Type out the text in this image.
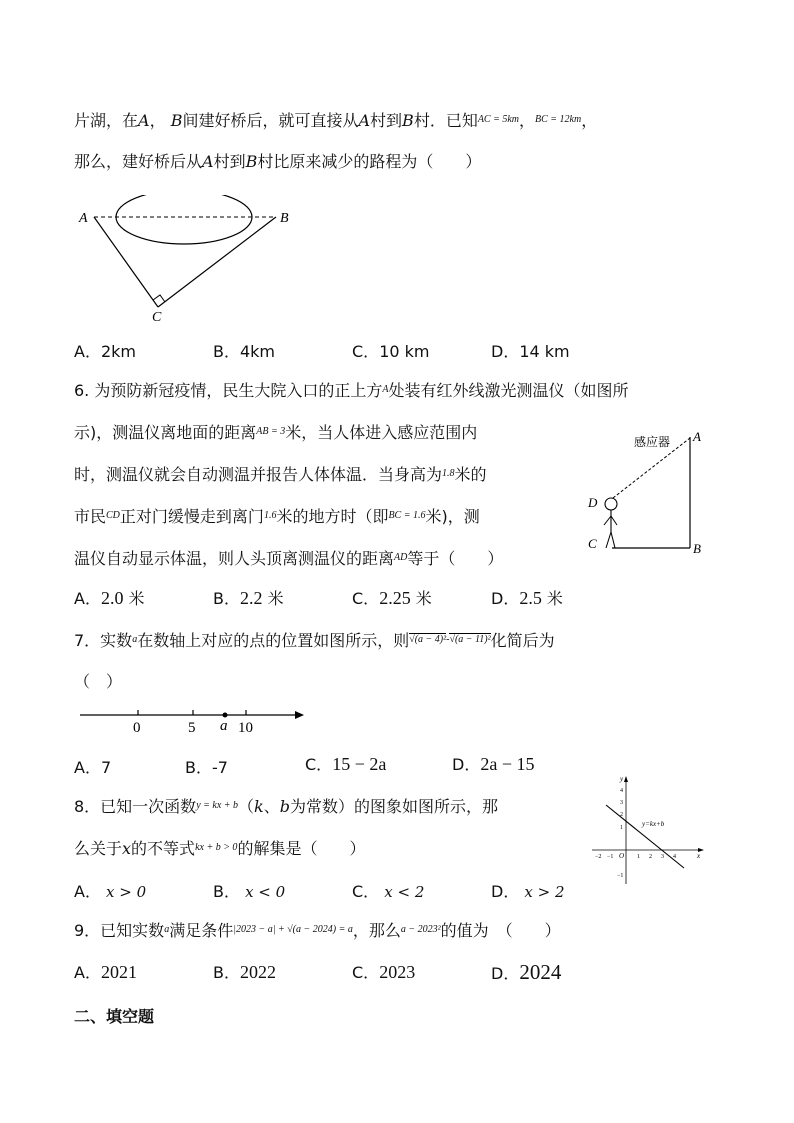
片湖，在A， B间建好桥后，就可直接从A村到B村．已知$^{AC = 5km}$，$^{BC = 12km}$，
那么，建好桥后从A村到B村比原来减少的路程为（　　）
A	B
C
A．2km	B．4km	C．10 km	D．14 km
6. 为预防新冠疫情，民生大院入口的正上方$^A$处装有红外线激光测温仪（如图所
示)，测温仪离地面的距离$^{AB = 3}$米，当人体进入感应范围内
时，测温仪就会自动测温并报告人体体温．当身高为$^{1.8}$米的
市民$^{CD}$正对门缓慢走到离门$^{1.6}$米的地方时（即$^{BC = 1.6}$米)，测
温仪自动显示体温，则人头顶离测温仪的距离$^{AD}$等于（　　）
感应器 A
D
C	B
A．2.0 米	B．2.2 米	C．2.25 米	D．2.5 米
7．实数$^a$在数轴上对应的点的位置如图所示，则$^{√(a - 4)^2-√(a - 11)^2}$化简后为
（　）
0	5 a 10
A．7	B．-7	C．15 − 2a	D．2a − 15
8．已知一次函数$^{y = kx + b}$（k、b为常数）的图象如图所示，那
么关于x的不等式$^{kx + b > 0}$的解集是（　　）	x
y
O
y=kx+b
−2 −1	1 2 3 4
4
3
2
1
−1
A． x > 0	B． x < 0	C． x < 2	D． x > 2
9．已知实数$^a$满足条件$^{|2023 - a| + √(a - 2024) = a}$，那么$^{a - 2023^2}$的值为　（　　）
A．2021	B．2022	C．2023	D．2024
二、填空题
